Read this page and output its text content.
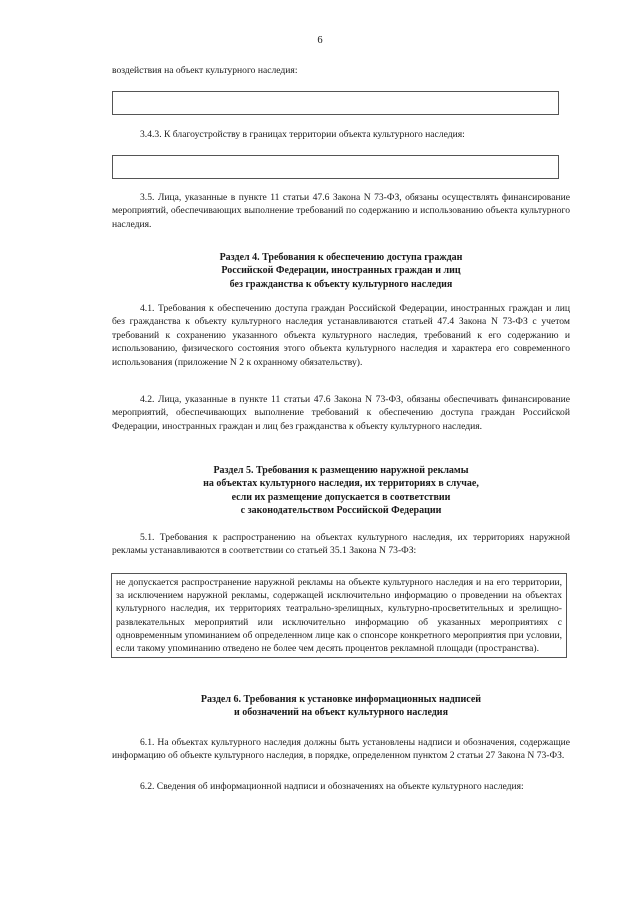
6

воздействия на объект культурного наследия:

3.4.3. К благоустройству в границах территории объекта культурного наследия:

3.5. Лица, указанные в пункте 11 статьи 47.6 Закона N 73-ФЗ, обязаны осуществлять финансирование мероприятий, обеспечивающих выполнение требований по содержанию и использованию объекта культурного наследия.

Раздел 4. Требования к обеспечению доступа граждан
Российской Федерации, иностранных граждан и лиц
без гражданства к объекту культурного наследия

4.1. Требования к обеспечению доступа граждан Российской Федерации, иностранных граждан и лиц без гражданства к объекту культурного наследия устанавливаются статьей 47.4 Закона N 73-ФЗ с учетом требований к сохранению указанного объекта культурного наследия, требований к его содержанию и использованию, физического состояния этого объекта культурного наследия и характера его современного использования (приложение N 2 к охранному обязательству).

4.2. Лица, указанные в пункте 11 статьи 47.6 Закона N 73-ФЗ, обязаны обеспечивать финансирование мероприятий, обеспечивающих выполнение требований к обеспечению доступа граждан Российской Федерации, иностранных граждан и лиц без гражданства к объекту культурного наследия.

Раздел 5. Требования к размещению наружной рекламы
на объектах культурного наследия, их территориях в случае,
если их размещение допускается в соответствии
с законодательством Российской Федерации

5.1. Требования к распространению на объектах культурного наследия, их территориях наружной рекламы устанавливаются в соответствии со статьей 35.1 Закона N 73-ФЗ:

не допускается распространение наружной рекламы на объекте культурного наследия и на его территории, за исключением наружной рекламы, содержащей исключительно информацию о проведении на объектах культурного наследия, их территориях театрально-зрелищных, культурно-просветительных и зрелищно-развлекательных мероприятий или исключительно информацию об указанных мероприятиях с одновременным упоминанием об определенном лице как о спонсоре конкретного мероприятия при условии, если такому упоминанию отведено не более чем десять процентов рекламной площади (пространства).

Раздел 6. Требования к установке информационных надписей
и обозначений на объект культурного наследия

6.1. На объектах культурного наследия должны быть установлены надписи и обозначения, содержащие информацию об объекте культурного наследия, в порядке, определенном пунктом 2 статьи 27 Закона N 73-ФЗ.

6.2. Сведения об информационной надписи и обозначениях на объекте культурного наследия:
